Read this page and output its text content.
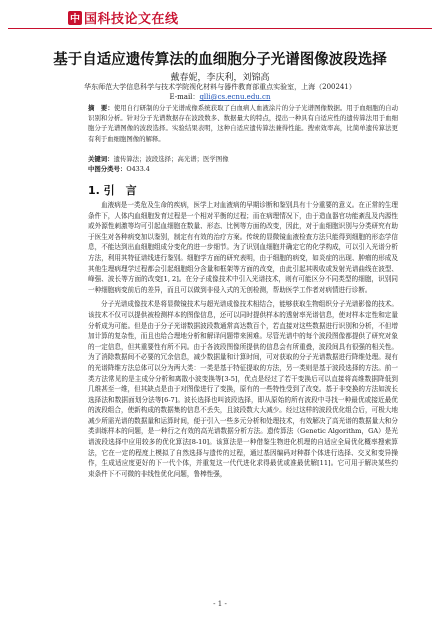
中 国科技论文在线
基于自适应遗传算法的血细胞分子光谱图像波段选择
戴春妮，李庆利，刘锦高
华东师范大学信息科学与技术学院视化材料与器件教育部重点实验室，上海（200241）
E-mail：qlli@cs.ecnu.edu.cn
摘　要：使用自行研制的分子光谱成像系统获取了白血病人血液涂片的分子光谱图像数据。用于血细胞的自动识别和分析。针对分子光谱数据存在波段数多、数据量大的特点，提出一种具有自适应性的遗传算法用于血细胞分子光谱图像的波段选择。实验结果表明，这种自适应遗传算法兼得性能。搜索效率高，比简单遗传算法更有利于血细胞图像的解释。
关键词：遗传算法；波段选择；高光谱；医学图像
中图分类号：O433.4
1. 引　言

血液病是一类危及生命的疾病，医学上对血液病的早期诊断和鉴别具有十分重要的意义。在正常的生理条件下，人体内血细胞发育过程是一个相对平衡的过程；而在病理情况下，由于造血器官功能紊乱及内源性或外源性刺激等均可引起血细胞在数量、形态、比例等方面的改变，因此，对于血细胞识别与分类研究有助于医生对各种病变加以鉴别，制定有有效的治疗方案。传统的显微镜血液检查方法只能得到细胞的形态学信息，不能达到出血细胞组成分变化的进一步细节。为了识别血细胞并确定它的化学构成，可以引入光谱分析方法，利用其特征谱线进行鉴别。细胞学方面的研究表明，由于细胞的病变，如炎症的出现、肿瘤的形成及其他生理病理学过程都会引起细胞组分含量和框架等方面的改变，由此引起其吸收或发射光谱曲线在波型、峰强、波长等方面的改变[1, 2]。在分子成像技术中引入光谱技术，则有可能区分不同类型的细胞，识别同一种细胞病变前后的差异，而且可以做到非侵入式的无创检测，帮助医学工作者对病情进行诊断。

分子光谱成像技术是将显微镜技术与超光谱成像技术相结合，能够获取生物组织分子光谱影像的技术。该技术不仅可以提供被检测样本的图像信息，还可以同时提供样本的透射率光谱信息，使对样本定性和定量分析成为可能。但是由于分子光谱数据波段数通常高达数百个，若直接对这些数据进行识别和分析，不但增加计算的复杂性，而且也给合理地分析和解译问题带来困难。尽管光谱中的每个波段图像都提供了研究对象的一定信息，但其重要性有所不同。由于各波段图像所提供的信息会有所重叠，波段间具有很强的相关性。为了消除数据间不必要的冗余信息，减少数据量和计算时间，可对获取的分子光谱数据进行降维处理。现有的光谱降维方法总体可以分为两大类：一类是基于特征提取的方法，另一类则是基于波段选择的方法。前一类方法常见的是主成分分析和离散小波变换等[3-5]，优点是经过了若干变换后可以直接将高维数据降低到几维甚至一维，但其缺点是由于对图像进行了变换，原有的一些特性受到了改变。基于非变换的方法如波长选择法和数据面划分法等[6-7]。波长选择也叫波段选择，即从原始的所有波段中寻找一种最优或接近最优的波段组合，使新构成的数据集的信息不丢失，且波段数大大减少。经过这样的波段优化组合后，可极大地减少所需光谱的数据量和运算时间，便于引入一些多元分析和处理技术，有效解决了高光谱的数据量大和分类训练样本的问题，是一种行之有效的高光谱数据分析方法。遗传算法（Genetic Algorithm，GA）是光谱波段选择中应用较多的优化算法[8-10]。该算法是一种借鉴生物进化机理的自适应全局优化概率搜索算法，它在一定的程度上模拟了自然选择与遗传的过程，通过基因编码对种群个体进行选择、交叉和变异操作，生成适应度更好的下一代个体，并重复这一代代进化求得最优或准最优解[11]。它可用于解决某些约束条件下不可微的非线性优化问题，鲁棒性强，

- 1 -
